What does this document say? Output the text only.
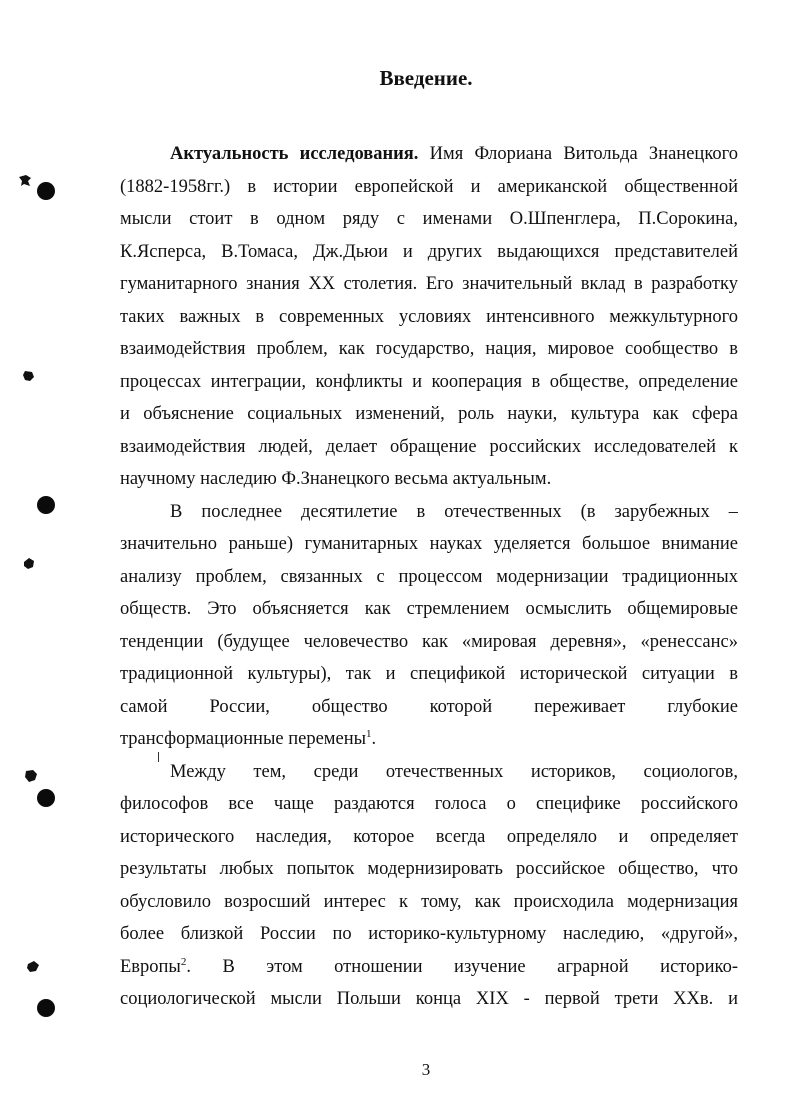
Введение.
Актуальность исследования. Имя Флориана Витольда Знанецкого
(1882-1958гг.) в истории европейской и американской общественной
мысли стоит в одном ряду с именами О.Шпенглера, П.Сорокина,
К.Ясперса, В.Томаса, Дж.Дьюи и других выдающихся представителей
гуманитарного знания XX столетия. Его значительный вклад в разработку
таких важных в современных условиях интенсивного межкультурного
взаимодействия проблем, как государство, нация, мировое сообщество в
процессах интеграции, конфликты и кооперация в обществе, определение
и объяснение социальных изменений, роль науки, культура как сфера
взаимодействия людей, делает обращение российских исследователей к
научному наследию Ф.Знанецкого весьма актуальным.
В последнее десятилетие в отечественных (в зарубежных –
значительно раньше) гуманитарных науках уделяется большое внимание
анализу проблем, связанных с процессом модернизации традиционных
обществ. Это объясняется как стремлением осмыслить общемировые
тенденции (будущее человечество как «мировая деревня», «ренессанс»
традиционной культуры), так и спецификой исторической ситуации в
самой России, общество которой переживает глубокие
трансформационные перемены$^1$.
Между тем, среди отечественных историков, социологов,
философов все чаще раздаются голоса о специфике российского
исторического наследия, которое всегда определяло и определяет
результаты любых попыток модернизировать российское общество, что
обусловило возросший интерес к тому, как происходила модернизация
более близкой России по историко-культурному наследию, «другой»,
Европы$^2$. В этом отношении изучение аграрной историко-
социологической мысли Польши конца XIX - первой трети XXв. и
3
